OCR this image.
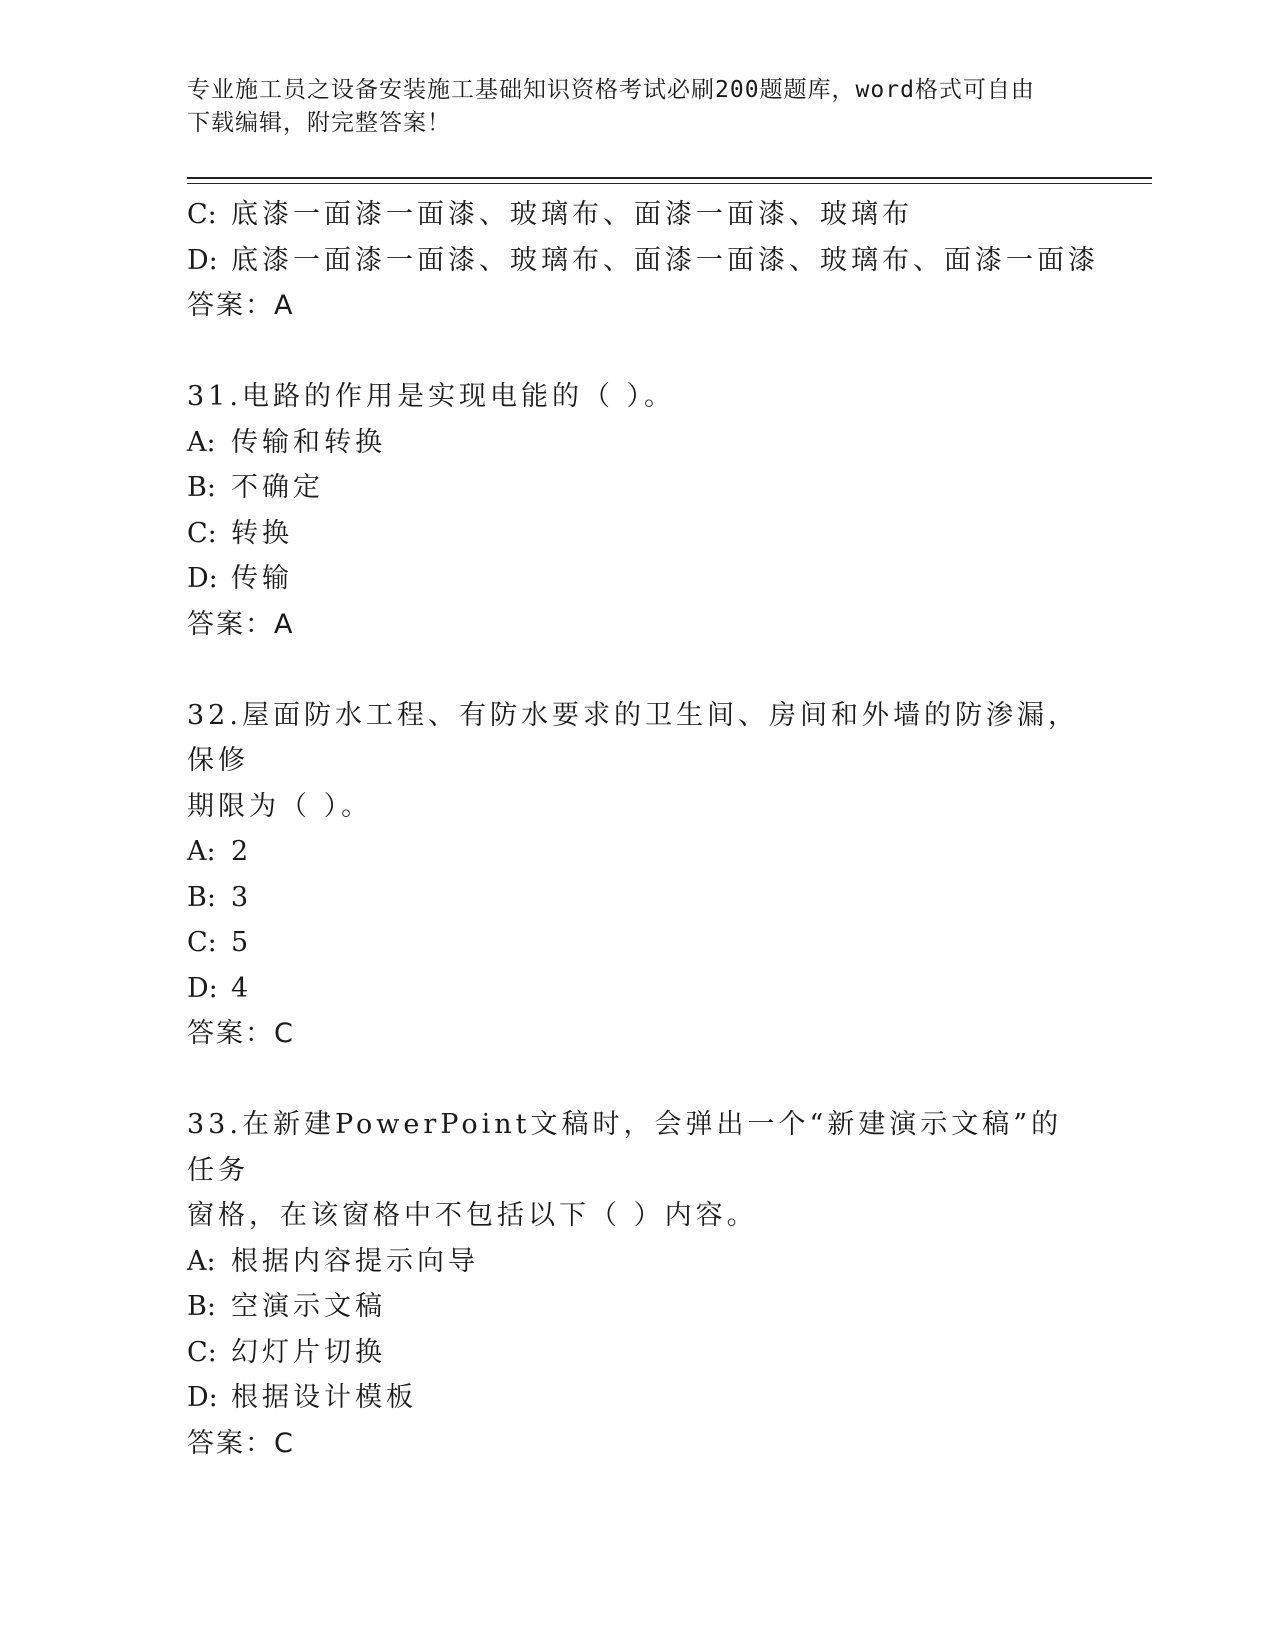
专业施工员之设备安装施工基础知识资格考试必刷200题题库，word格式可自由
下载编辑，附完整答案！
C: 底漆一面漆一面漆、玻璃布、面漆一面漆、玻璃布
D: 底漆一面漆一面漆、玻璃布、面漆一面漆、玻璃布、面漆一面漆
答案：A
31.电路的作用是实现电能的（ ）。
A: 传输和转换
B: 不确定
C: 转换
D: 传输
答案：A
32.屋面防水工程、有防水要求的卫生间、房间和外墙的防渗漏，保修
期限为（ ）。
A: 2
B: 3
C: 5
D: 4
答案：C
33.在新建PowerPoint文稿时，会弹出一个“新建演示文稿”的任务
窗格，在该窗格中不包括以下（ ）内容。
A: 根据内容提示向导
B: 空演示文稿
C: 幻灯片切换
D: 根据设计模板
答案：C
